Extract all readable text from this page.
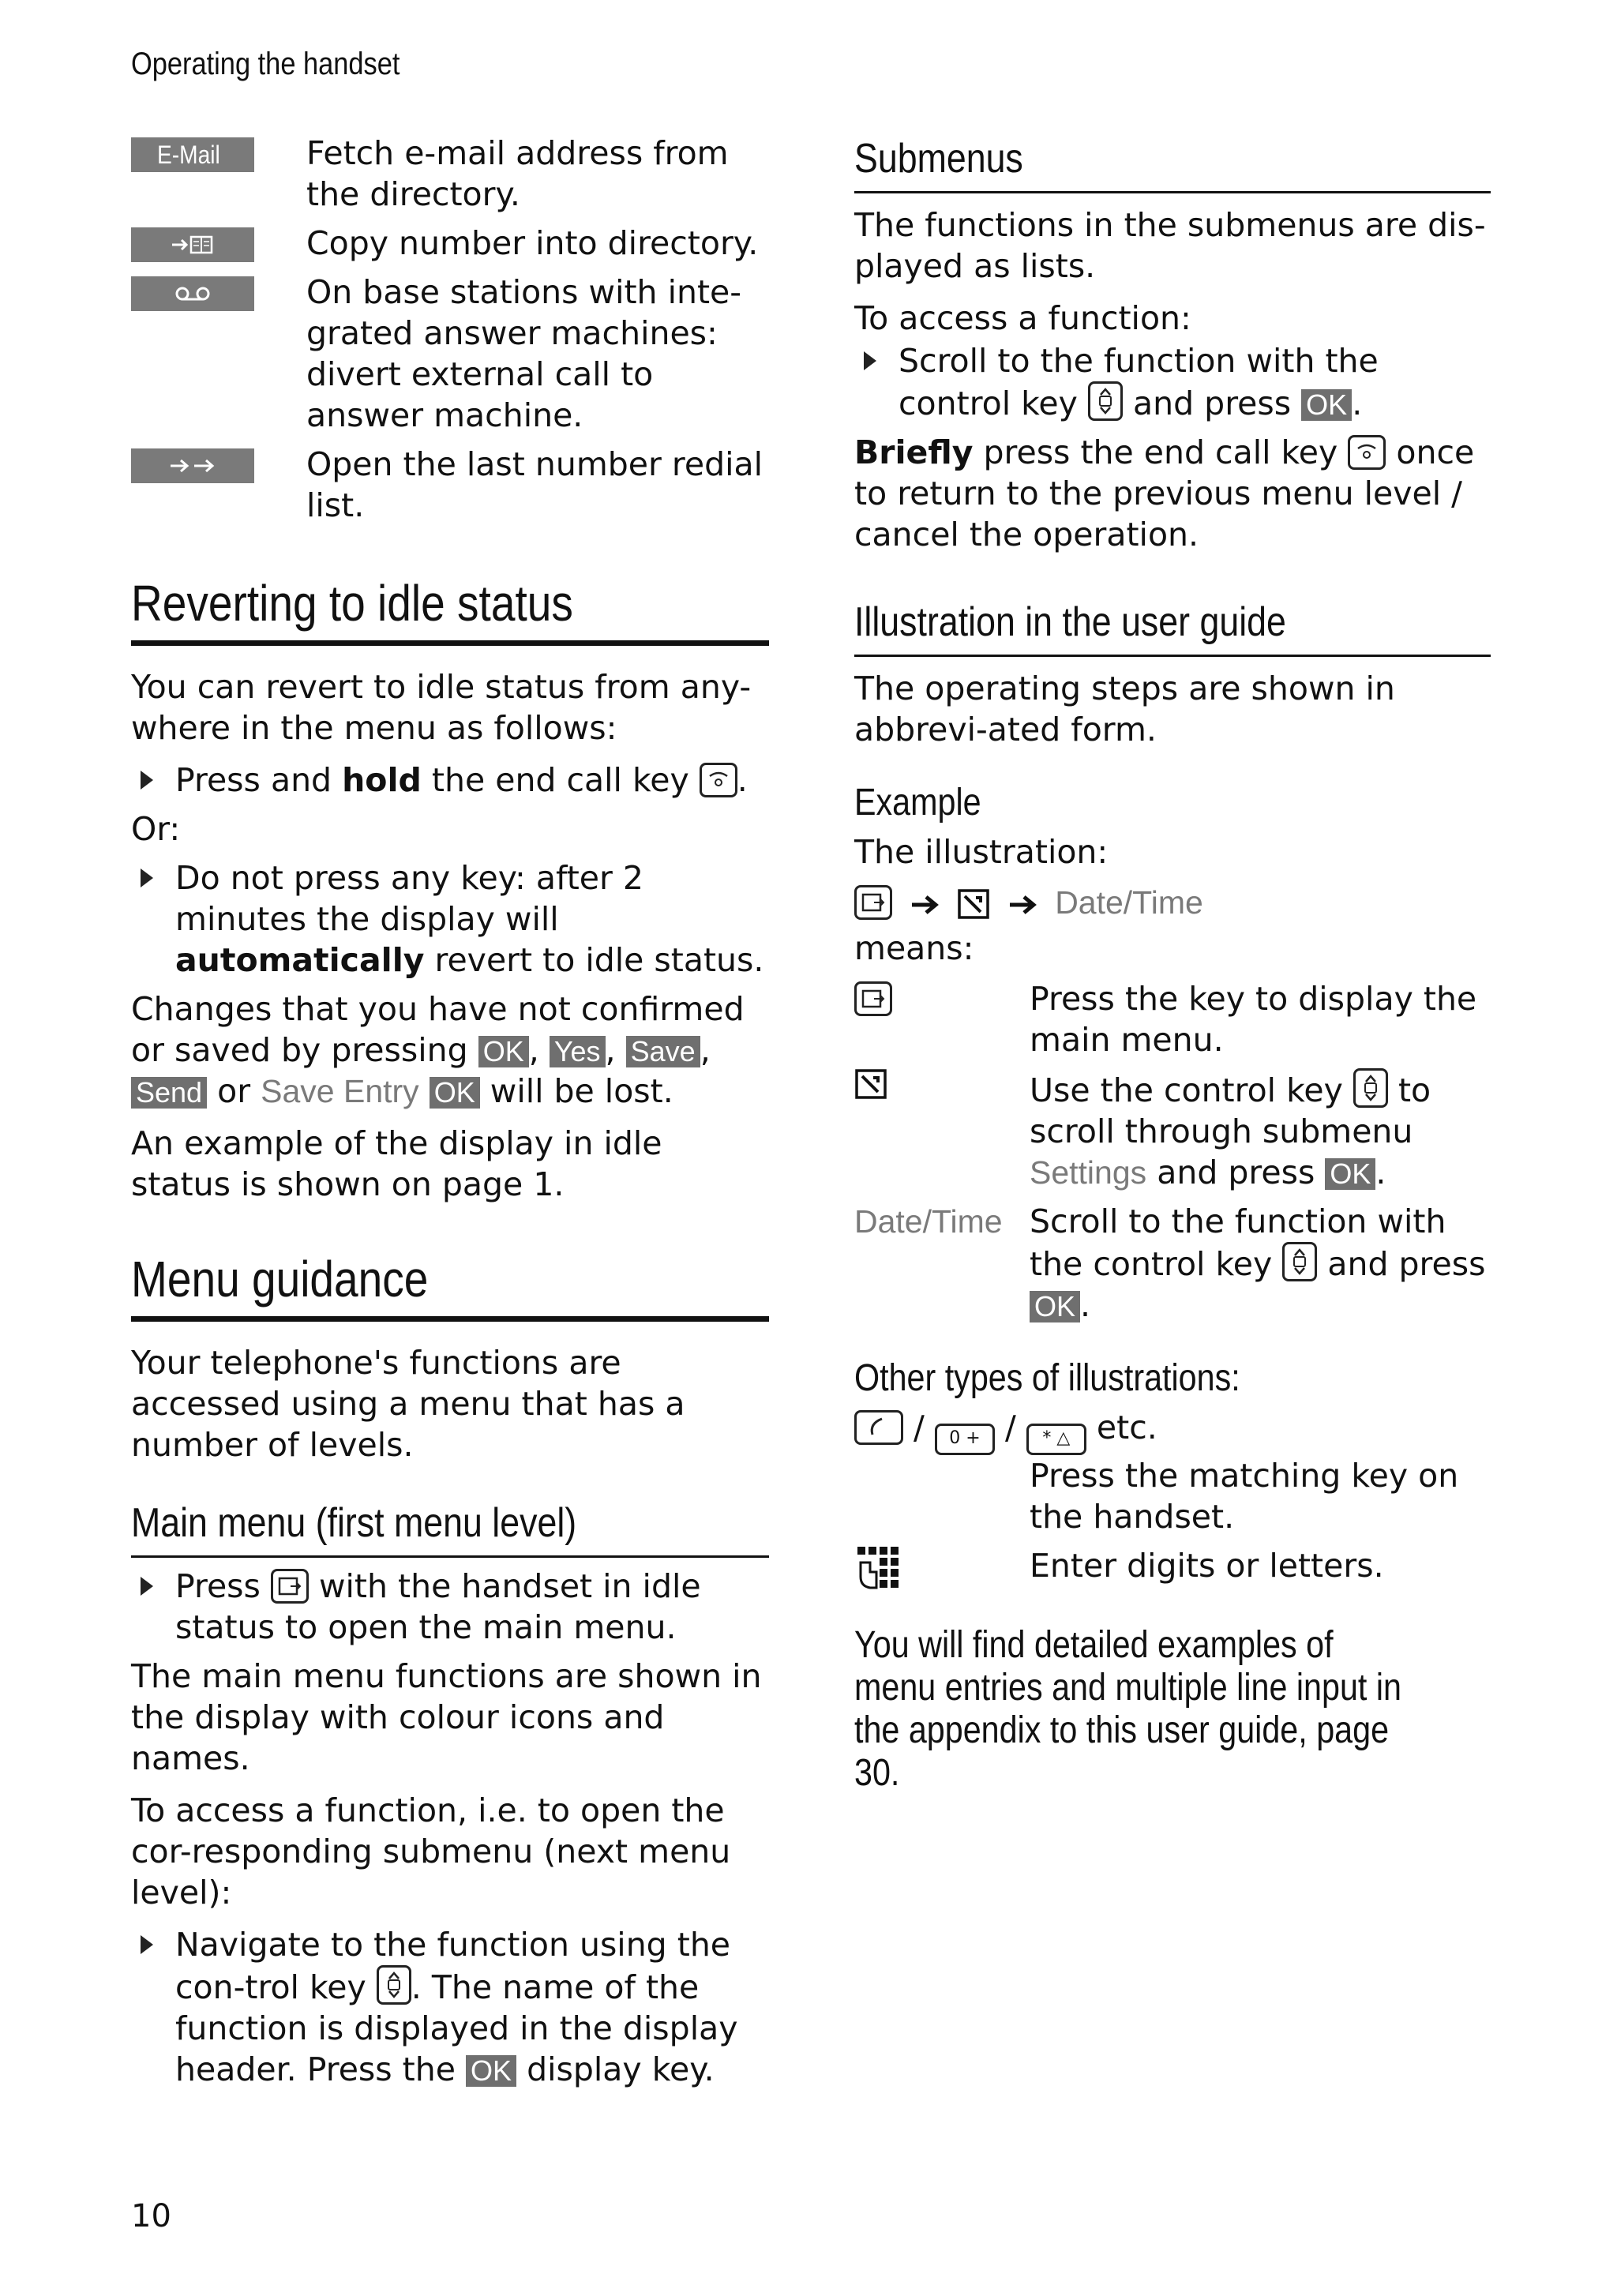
Operating the handset
E-Mail	Fetch e-mail address from the directory.
Copy number into directory.
On base stations with inte-grated answer machines: divert external call to answer machine.
Open the last number redial list.
Reverting to idle status

You can revert to idle status from any-where in the menu as follows:

Press and hold the end call key .

Or:

Do not press any key: after 2 minutes the display will automatically revert to idle status.

Changes that you have not confirmed or saved by pressing OK , Yes , Save , Send or Save Entry OK will be lost.

An example of the display in idle status is shown on page 1.

Menu guidance

Your telephone's functions are accessed using a menu that has a number of levels.

Main menu (first menu level)
Press with the handset in idle status to open the main menu.

The main menu functions are shown in the display with colour icons and names.

To access a function, i.e. to open the cor-responding submenu (next menu level):

Navigate to the function using the con-trol key . The name of the function is displayed in the display header. Press the OK display key.
Submenus

The functions in the submenus are dis-played as lists.

To access a function:

Scroll to the function with the control key and press OK .

Briefly press the end call key once to return to the previous menu level / cancel the operation.

Illustration in the user guide

The operating steps are shown in abbrevi-ated form.

Example

The illustration:

Date/Time

means:

Press the key to display the main menu.
Use the control key to scroll through submenu Settings and press OK .
Date/Time Scroll to the function with the control key and press OK .
Other types of illustrations:
/ 0 + / * △ etc.
Press the matching key on the handset.
Enter digits or letters.

You will find detailed examples of menu entries and multiple line input in the appendix to this user guide, page 30.

10
